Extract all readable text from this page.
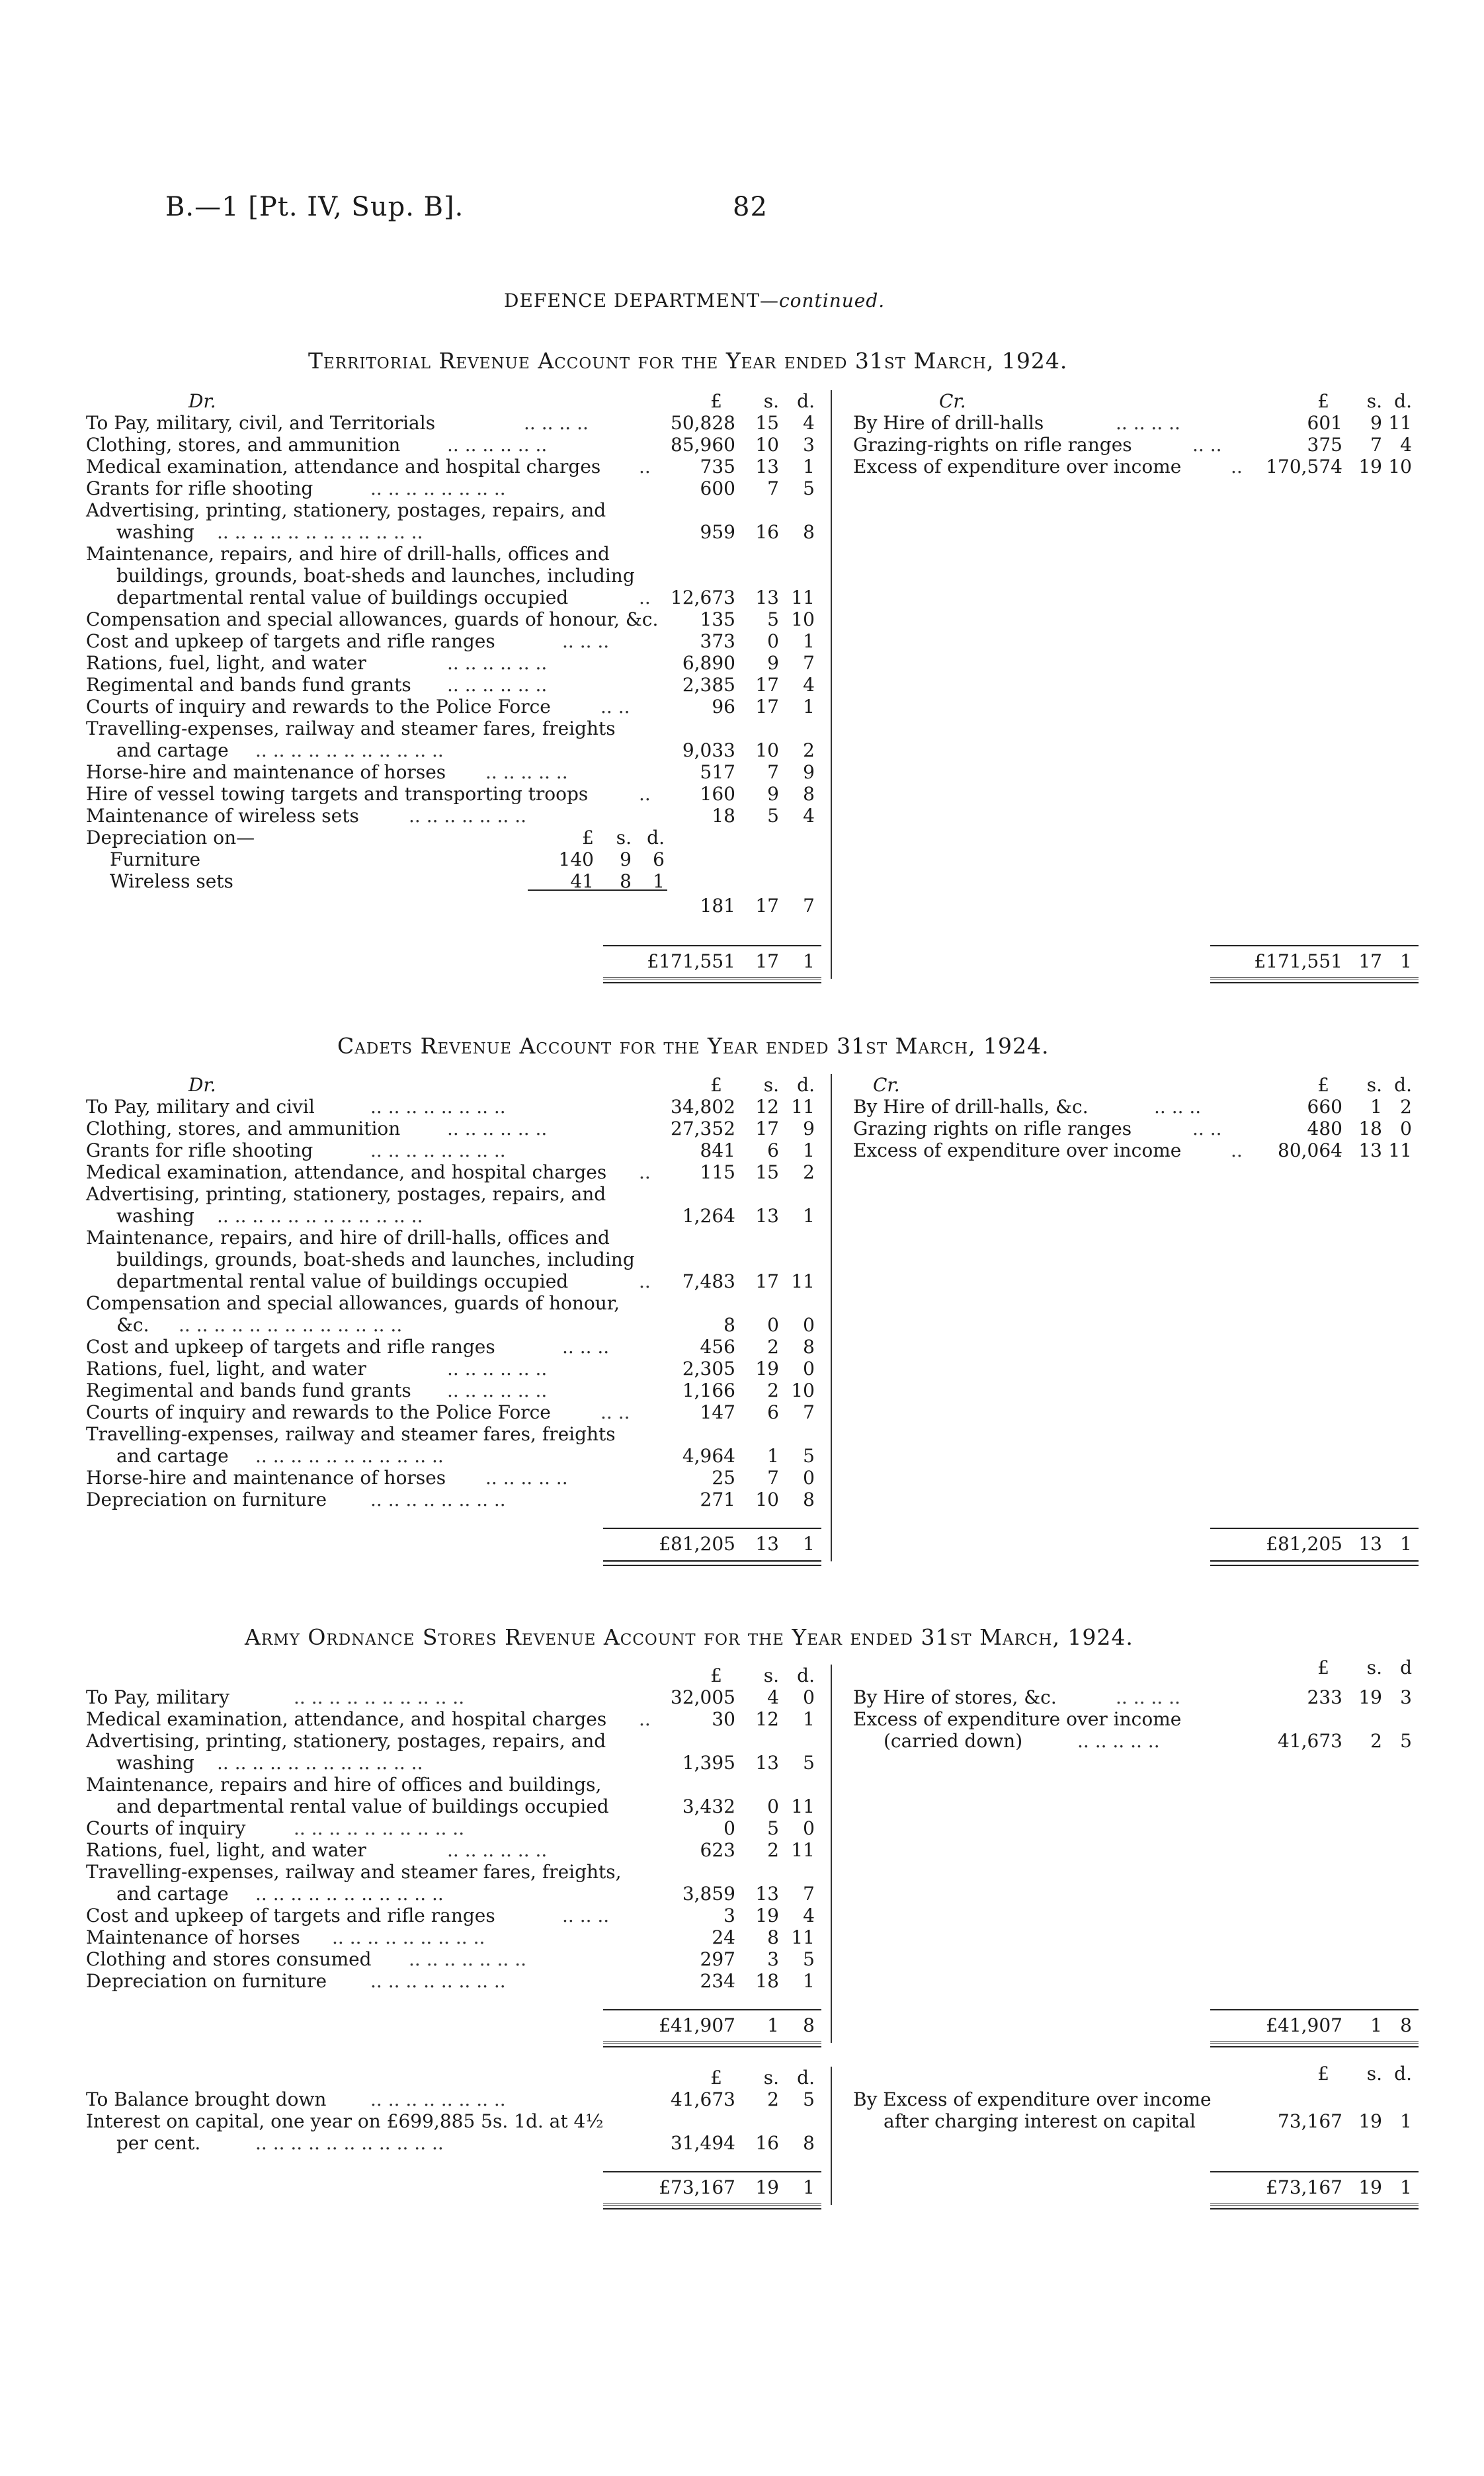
B.—1 [Pt. IV, Sup. B].	82
DEFENCE DEPARTMENT—continued.
Territorial Revenue Account for the Year ended 31st March, 1924.
Cadets Revenue Account for the Year ended 31st March, 1924.
Army Ordnance Stores Revenue Account for the Year ended 31st March, 1924.
Dr.	£	s. d.	Cr.	£	s. d.
To Pay, military, civil, and Territorials	.. .. .. ..	50,828	15	4
Clothing, stores, and ammunition	.. .. .. .. .. ..	85,960	10	3
Medical examination, attendance and hospital charges ..	735	13	1
Grants for rifle shooting	.. .. .. .. .. .. .. ..	600	7	5
Advertising, printing, stationery, postages, repairs, and
washing .. .. .. .. .. .. .. .. .. .. .. ..	959	16	8
Maintenance, repairs, and hire of drill-halls, offices and
buildings, grounds, boat-sheds and launches, including
departmental rental value of buildings occupied	..	12,673	13 11
Compensation and special allowances, guards of honour, &c.	135	5 10
Cost and upkeep of targets and rifle ranges	.. .. ..	373	0	1
Rations, fuel, light, and water	.. .. .. .. .. ..	6,890	9	7
Regimental and bands fund grants .. .. .. .. .. ..	2,385	17	4
Courts of inquiry and rewards to the Police Force	.. ..	96	17	1
Travelling-expenses, railway and steamer fares, freights
and cartage .. .. .. .. .. .. .. .. .. .. ..	9,033	10	2
Horse-hire and maintenance of horses .. .. .. .. ..	517	7	9
Hire of vessel towing targets and transporting troops	..	160	9	8
Maintenance of wireless sets	.. .. .. .. .. .. ..	18	5	4
Depreciation on—	£	s. d.
Furniture	140	9	6
Wireless sets	41	8	1
181	17	7
By Hire of drill-halls	.. .. .. ..	601	9 11
Grazing-rights on rifle ranges	.. ..	375	7 4
Excess of expenditure over income	..	170,574 19 10
£171,551	17	1	£171,551 17 1
Dr.	£	s. d.	Cr.	£	s. d.
To Pay, military and civil	.. .. .. .. .. .. .. ..	34,802	12 11
Clothing, stores, and ammunition	.. .. .. .. .. ..	27,352	17	9
Grants for rifle shooting	.. .. .. .. .. .. .. ..	841	6	1
Medical examination, attendance, and hospital charges ..	115	15	2
Advertising, printing, stationery, postages, repairs, and
washing .. .. .. .. .. .. .. .. .. .. .. ..	1,264	13	1
Maintenance, repairs, and hire of drill-halls, offices and
buildings, grounds, boat-sheds and launches, including
departmental rental value of buildings occupied	..	7,483	17 11
Compensation and special allowances, guards of honour,
&c. .. .. .. .. .. .. .. .. .. .. .. .. ..	8	0	0
Cost and upkeep of targets and rifle ranges	.. .. ..	456	2	8
Rations, fuel, light, and water	.. .. .. .. .. ..	2,305	19	0
Regimental and bands fund grants .. .. .. .. .. ..	1,166	2 10
Courts of inquiry and rewards to the Police Force	.. ..	147	6	7
Travelling-expenses, railway and steamer fares, freights
and cartage .. .. .. .. .. .. .. .. .. .. ..	4,964	1	5
Horse-hire and maintenance of horses .. .. .. .. ..	25	7	0
Depreciation on furniture .. .. .. .. .. .. .. ..	271	10	8
By Hire of drill-halls, &c.	.. .. ..	660	1 2
Grazing rights on rifle ranges	.. ..	480 18 0
Excess of expenditure over income	..	80,064 13 11
£81,205	13	1	£81,205 13 1
£	s. d.	£	s. d
To Pay, military	.. .. .. .. .. .. .. .. .. ..	32,005	4	0
Medical examination, attendance, and hospital charges ..	30	12	1
Advertising, printing, stationery, postages, repairs, and
washing .. .. .. .. .. .. .. .. .. .. .. ..	1,395	13	5
Maintenance, repairs and hire of offices and buildings,
and departmental rental value of buildings occupied	3,432	0 11
Courts of inquiry	.. .. .. .. .. .. .. .. .. ..	0	5	0
Rations, fuel, light, and water	.. .. .. .. .. ..	623	2 11
Travelling-expenses, railway and steamer fares, freights,
and cartage .. .. .. .. .. .. .. .. .. .. ..	3,859	13	7
Cost and upkeep of targets and rifle ranges	.. .. ..	3	19	4
Maintenance of horses .. .. .. .. .. .. .. .. ..	24	8 11
Clothing and stores consumed .. .. .. .. .. .. ..	297	3	5
Depreciation on furniture .. .. .. .. .. .. .. ..	234	18	1
By Hire of stores, &c.	.. .. .. ..	233 19 3
Excess of expenditure over income
(carried down)	.. .. .. .. ..	41,673	2 5
£41,907	1	8	£41,907	1 8
£	s. d.	£	s. d.
To Balance brought down .. .. .. .. .. .. .. ..	41,673	2	5
Interest on capital, one year on £699,885 5s. 1d. at 4½
per cent.	.. .. .. .. .. .. .. .. .. .. ..	31,494	16	8
By Excess of expenditure over income
after charging interest on capital	73,167 19 1
£73,167	19	1	£73,167 19 1
